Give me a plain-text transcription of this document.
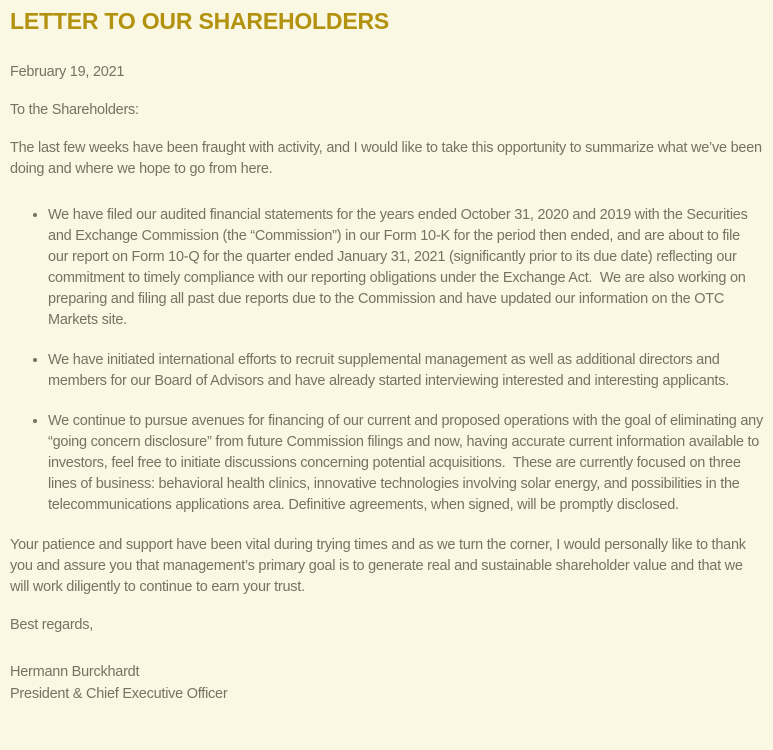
LETTER TO OUR SHAREHOLDERS

February 19, 2021

To the Shareholders:

The last few weeks have been fraught with activity, and I would like to take this opportunity to summarize what we’ve been doing and where we hope to go from here.

• We have filed our audited financial statements for the years ended October 31, 2020 and 2019 with the Securities and Exchange Commission (the “Commission”) in our Form 10-K for the period then ended, and are about to file our report on Form 10-Q for the quarter ended January 31, 2021 (significantly prior to its due date) reflecting our commitment to timely compliance with our reporting obligations under the Exchange Act.  We are also working on preparing and filing all past due reports due to the Commission and have updated our information on the OTC Markets site.
• We have initiated international efforts to recruit supplemental management as well as additional directors and members for our Board of Advisors and have already started interviewing interested and interesting applicants.
• We continue to pursue avenues for financing of our current and proposed operations with the goal of eliminating any “going concern disclosure” from future Commission filings and now, having accurate current information available to investors, feel free to initiate discussions concerning potential acquisitions.  These are currently focused on three lines of business: behavioral health clinics, innovative technologies involving solar energy, and possibilities in the telecommunications applications area. Definitive agreements, when signed, will be promptly disclosed.

Your patience and support have been vital during trying times and as we turn the corner, I would personally like to thank you and assure you that management’s primary goal is to generate real and sustainable shareholder value and that we will work diligently to continue to earn your trust.

Best regards,

Hermann Burckhardt

President & Chief Executive Officer
